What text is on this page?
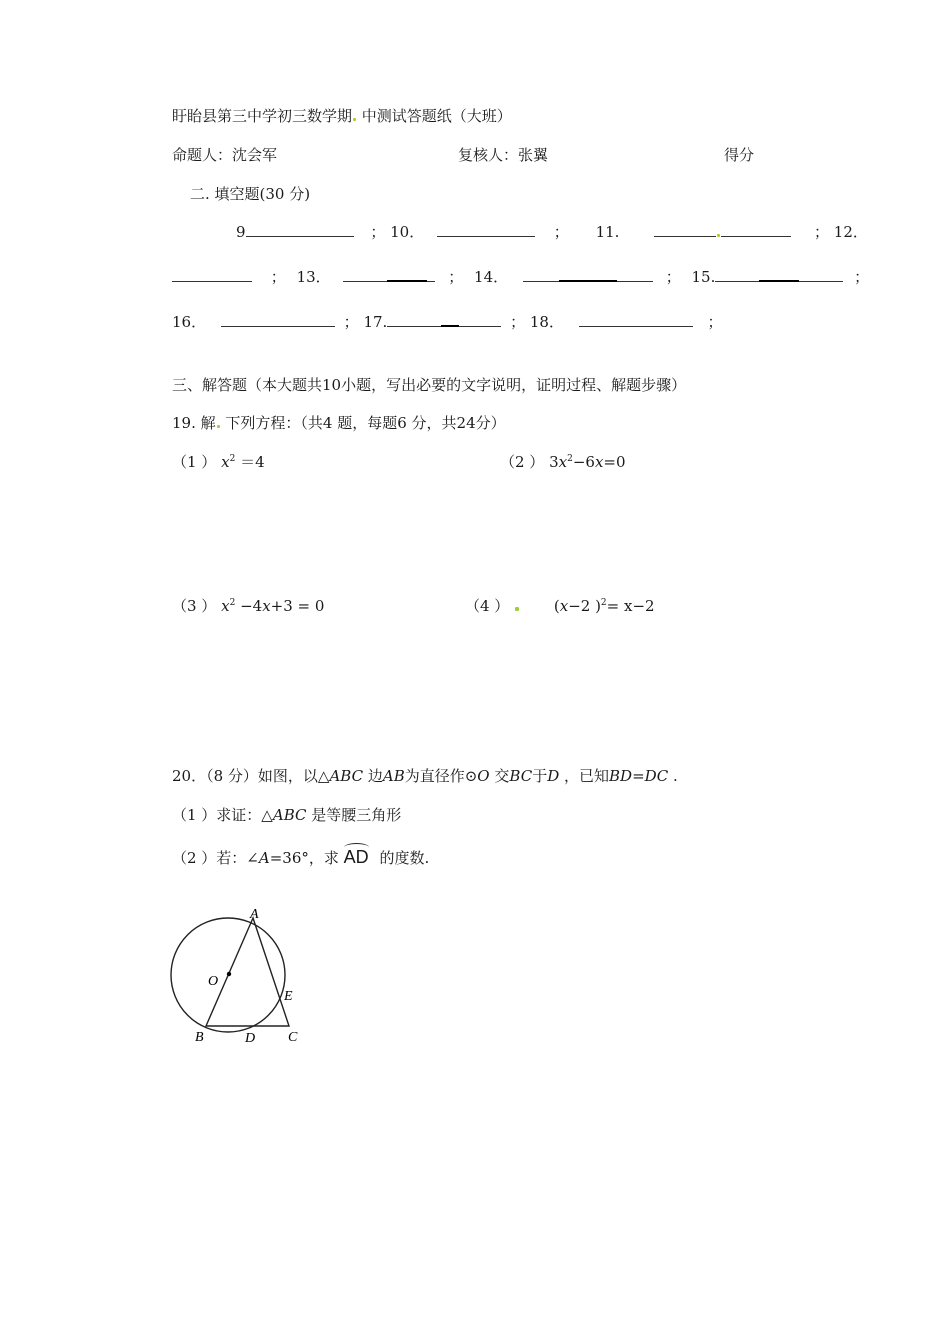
盱眙县第三中学初三数学期 中测试答题纸（大班）
命题人：沈会军	复核人：张翼	得分
二. 填空题(30 分)
9	； 10．	； 11.	； 12．
； 13．	； 14．	； 15.	；
16．	； 17.	； 18．	；
三、解答题（本大题共10小题，写出必要的文字说明，证明过程、解题步骤）
19. 解 下列方程：（共4 题，每题6 分，共24分）
（1 ） $x^2 =4$	（2 ） $3x^2-6x=0$
（3 ） $x^2 -4x+3 = 0$	（4 ）	(x−2 )$^2$= x−2
20．（8 分）如图，以△ABC 边AB为直径作⊙O 交BC于D ，已知BD=DC .
（1 ）求证：△ABC 是等腰三角形
（2 ）若：∠A=36°，求 AD 的度数.
A
O
E
B	D C
